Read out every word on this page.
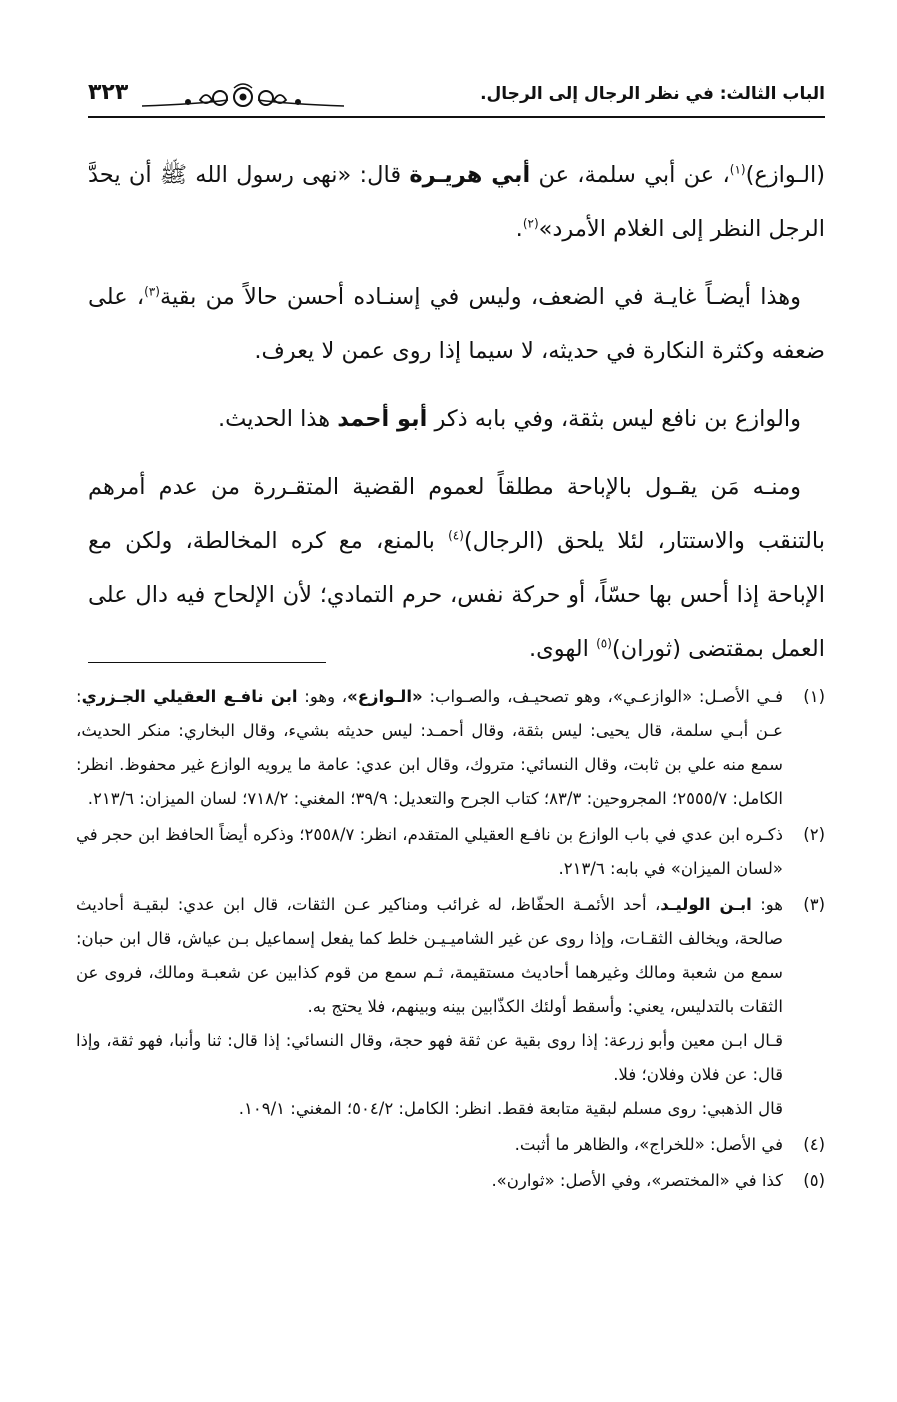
الباب الثالث: في نظر الرجال إلى الرجال.
٣٢٣

(الـوازع)$^{(١)}$، عن أبي سلمة، عن أبي هريـرة قال: «نهى رسول الله ﷺ أن يحدَّ الرجل النظر إلى الغلام الأمرد»$^{(٢)}$.

وهذا أيضـاً غايـة في الضعف، وليس في إسنـاده أحسن حالاً من بقية$^{(٣)}$، على ضعفه وكثرة النكارة في حديثه، لا سيما إذا روى عمن لا يعرف.

والوازع بن نافع ليس بثقة، وفي بابه ذكر أبو أحمد هذا الحديث.

ومنـه مَن يقـول بالإباحة مطلقاً لعموم القضية المتقـررة من عدم أمرهم بالتنقب والاستتار، لئلا يلحق (الرجال)$^{(٤)}$ بالمنع، مع كره المخالطة، ولكن مع الإباحة إذا أحس بها حسّاً، أو حركة نفس، حرم التمادي؛ لأن الإلحاح فيه دال على العمل بمقتضى (ثوران)$^{(٥)}$ الهوى.

(١)
فـي الأصـل: «الوازعـي»، وهو تصحيـف، والصـواب: «الـوازع»، وهو: ابن نافـع العقيلي الجـزري: عـن أبـي سلمة، قال يحيى: ليس بثقة، وقال أحمـد: ليس حديثه بشيء، وقال البخاري: منكر الحديث، سمع منه علي بن ثابت، وقال النسائي: متروك، وقال ابن عدي: عامة ما يرويه الوازع غير محفوظ. انظر: الكامل: ٢٥٥٥/٧؛ المجروحين: ٨٣/٣؛ كتاب الجرح والتعديل: ٣٩/٩؛ المغني: ٧١٨/٢؛ لسان الميزان: ٢١٣/٦.
(٢)
ذكـره ابن عدي في باب الوازع بن نافـع العقيلي المتقدم، انظر: ٢٥٥٨/٧؛ وذكره أيضاً الحافظ ابن حجر في «لسان الميزان» في بابه: ٢١٣/٦.
(٣)

هو: ابـن الوليـد، أحد الأئمـة الحفّاظ، له غرائب ومناكير عـن الثقات، قال ابن عدي: لبقيـة أحاديث صالحة، ويخالف الثقـات، وإذا روى عن غير الشاميـيـن خلط كما يفعل إسماعيل بـن عياش، قال ابن حبان: سمع من شعبة ومالك وغيرهما أحاديث مستقيمة، ثـم سمع من قوم كذابين عن شعبـة ومالك، فروى عن الثقات بالتدليس، يعني: وأسقط أولئك الكذّابين بينه وبينهم، فلا يحتج به.

قـال ابـن معين وأبو زرعة: إذا روى بقية عن ثقة فهو حجة، وقال النسائي: إذا قال: ثنا وأنبا، فهو ثقة، وإذا قال: عن فلان وفلان؛ فلا.

قال الذهبي: روى مسلم لبقية متابعة فقط. انظر: الكامل: ٥٠٤/٢؛ المغني: ١٠٩/١.

(٤)
في الأصل: «للخراج»، والظاهر ما أثبت.
(٥)
كذا في «المختصر»، وفي الأصل: «ثوارن».
